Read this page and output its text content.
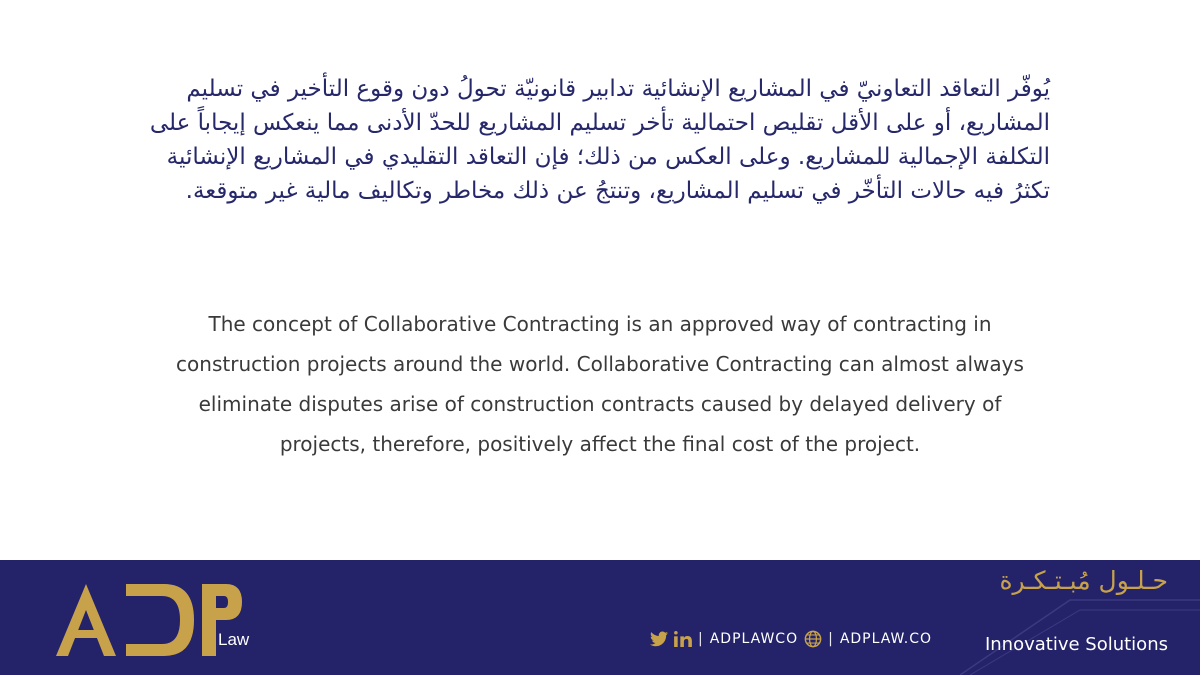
يُوفّر التعاقد التعاونيّ في المشاريع الإنشائية تدابير قانونيّة تحولُ دون وقوع التأخير في تسليم
المشاريع، أو على الأقل تقليص احتمالية تأخر تسليم المشاريع للحدّ الأدنى مما ينعكس إيجاباً على
التكلفة الإجمالية للمشاريع. وعلى العكس من ذلك؛ فإن التعاقد التقليدي في المشاريع الإنشائية
تكثرُ فيه حالات التأخّر في تسليم المشاريع، وتنتجُ عن ذلك مخاطر وتكاليف مالية غير متوقعة.

The concept of Collaborative Contracting is an approved way of contracting in
construction projects around the world. Collaborative Contracting can almost always
eliminate disputes arise of construction contracts caused by delayed delivery of
projects, therefore, positively affect the final cost of the project.

Law	| ADPLAWCO | ADPLAW.CO
حـلـول مُبـتـكـرة
Innovative Solutions
